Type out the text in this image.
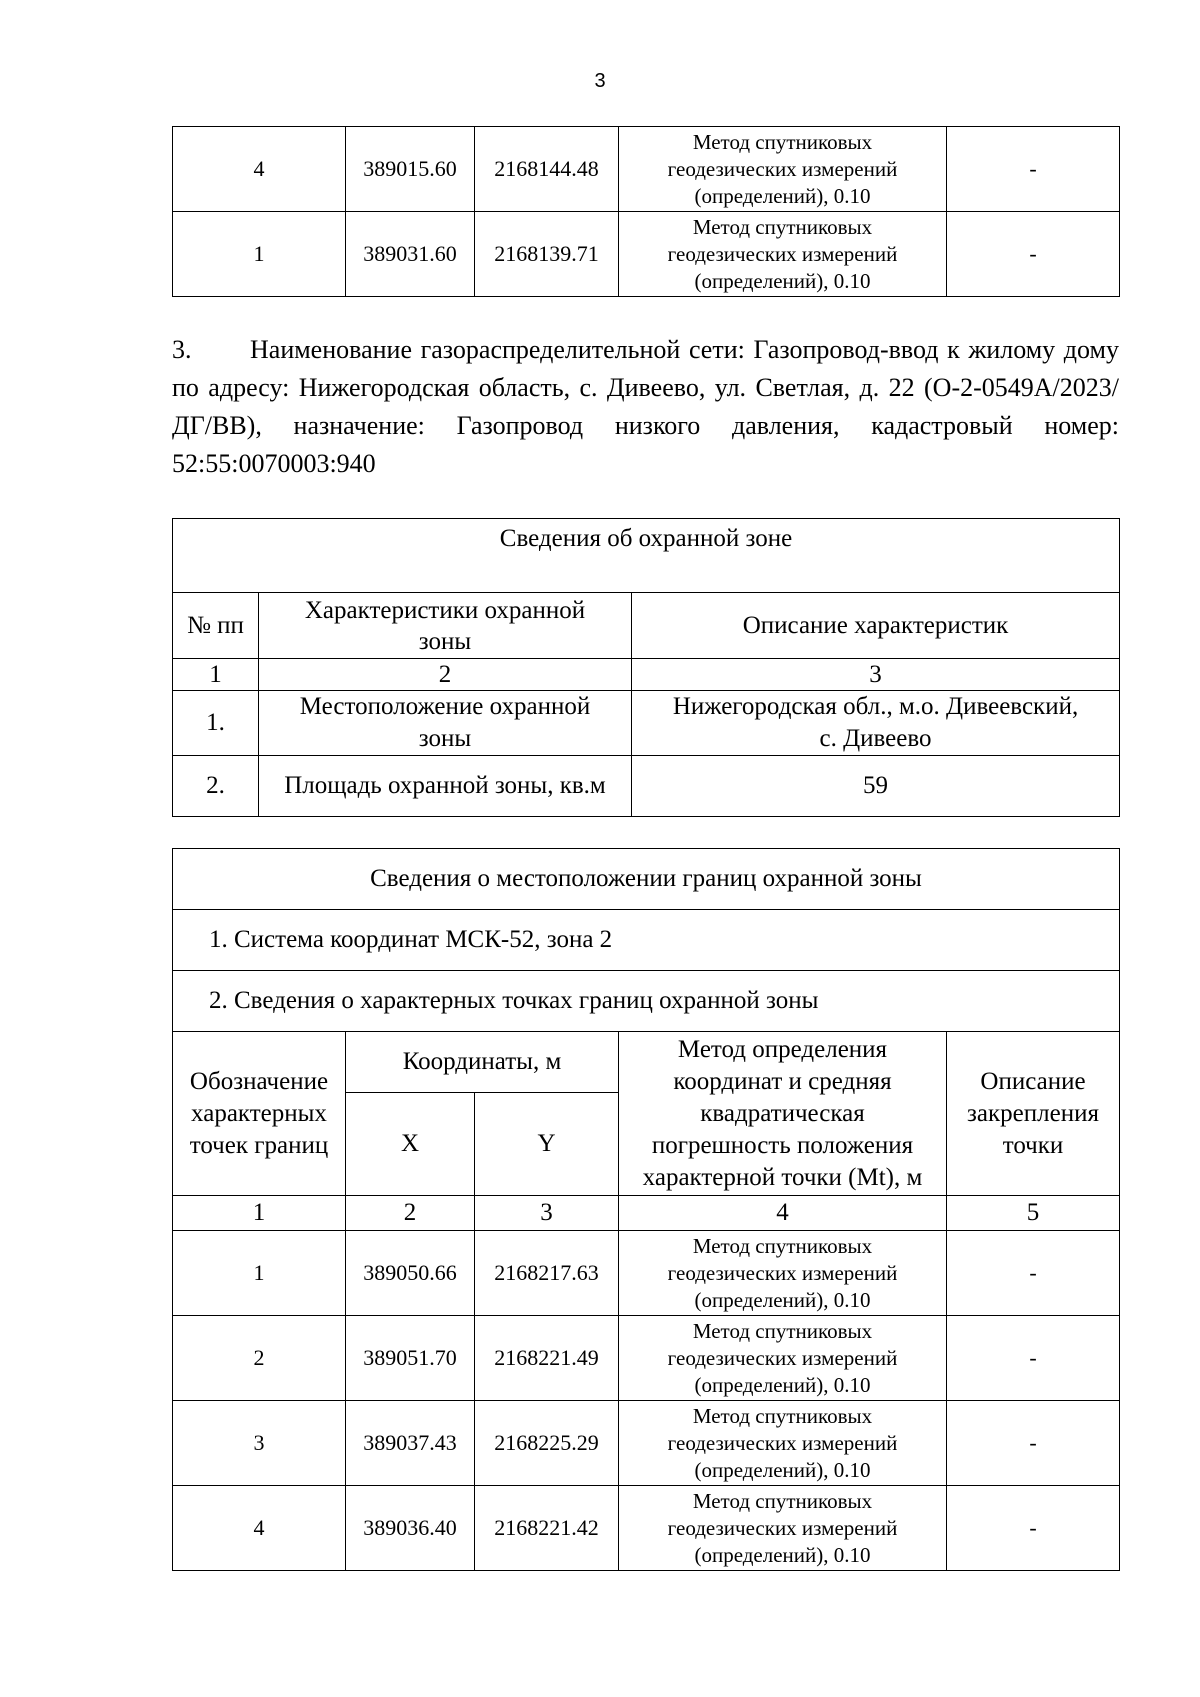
3
4	389015.60	2168144.48	Метод спутниковых
геодезических измерений
(определений), 0.10	-
1	389031.60	2168139.71	Метод спутниковых
геодезических измерений
(определений), 0.10	-
3. Наименование газораспределительной сети: Газопровод-ввод к жилому дому по адресу: Нижегородская область, с. Дивеево, ул. Светлая, д. 22 (О-2-0549А/2023/ДГ/ВВ), назначение: Газопровод низкого давления, кадастровый номер: 52:55:0070003:940
Сведения об охранной зоне		
№ пп	Характеристики охранной
зоны	Описание характеристик
1	2	3
1.	Местоположение охранной
зоны	Нижегородская обл., м.о. Дивеевский,
с. Дивеево
2.	Площадь охранной зоны, кв.м	59
Сведения о местоположении границ охранной зоны				
1. Система координат МСК-52, зона 2				
2. Сведения о характерных точках границ охранной зоны				
Обозначение
характерных
точек границ	Координаты, м		Метод определения
координат и средняя
квадратическая
погрешность положения
характерной точки (Mt), м	Описание
закрепления
точки
	X	Y		
1	2	3	4	5
1	389050.66	2168217.63	Метод спутниковых
геодезических измерений
(определений), 0.10	-
2	389051.70	2168221.49	Метод спутниковых
геодезических измерений
(определений), 0.10	-
3	389037.43	2168225.29	Метод спутниковых
геодезических измерений
(определений), 0.10	-
4	389036.40	2168221.42	Метод спутниковых
геодезических измерений
(определений), 0.10	-
